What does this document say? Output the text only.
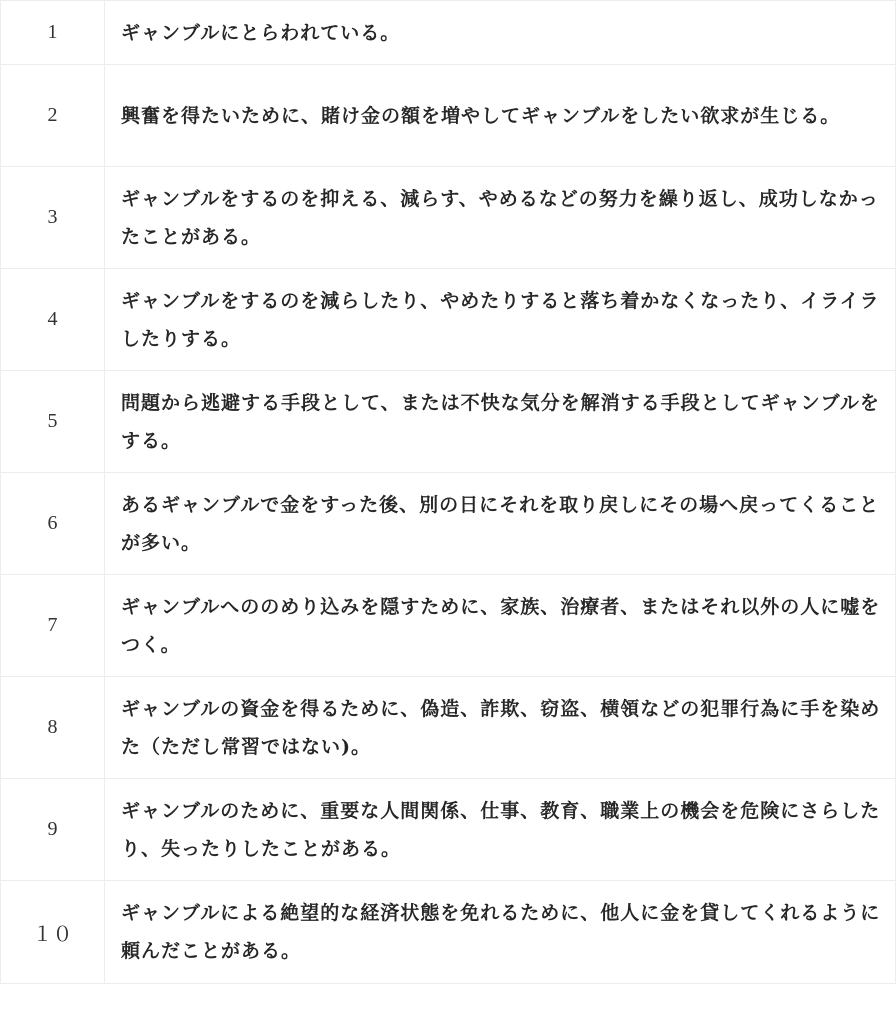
1	ギャンブルにとらわれている。
2	興奮を得たいために、賭け金の額を増やしてギャンブルをしたい欲求が生じる。
3	ギャンブルをするのを抑える、減らす、やめるなどの努力を繰り返し、成功しなかったことがある。
4	ギャンブルをするのを減らしたり、やめたりすると落ち着かなくなったり、イライラしたりする。
5	問題から逃避する手段として、または不快な気分を解消する手段としてギャンブルをする。
6	あるギャンブルで金をすった後、別の日にそれを取り戻しにその場へ戻ってくることが多い。
7	ギャンブルへののめり込みを隠すために、家族、治療者、またはそれ以外の人に嘘をつく。
8	ギャンブルの資金を得るために、偽造、詐欺、窃盗、横領などの犯罪行為に手を染めた（ただし常習ではない)。
9	ギャンブルのために、重要な人間関係、仕事、教育、職業上の機会を危険にさらしたり、失ったりしたことがある。
１０	ギャンブルによる絶望的な経済状態を免れるために、他人に金を貸してくれるように頼んだことがある。
